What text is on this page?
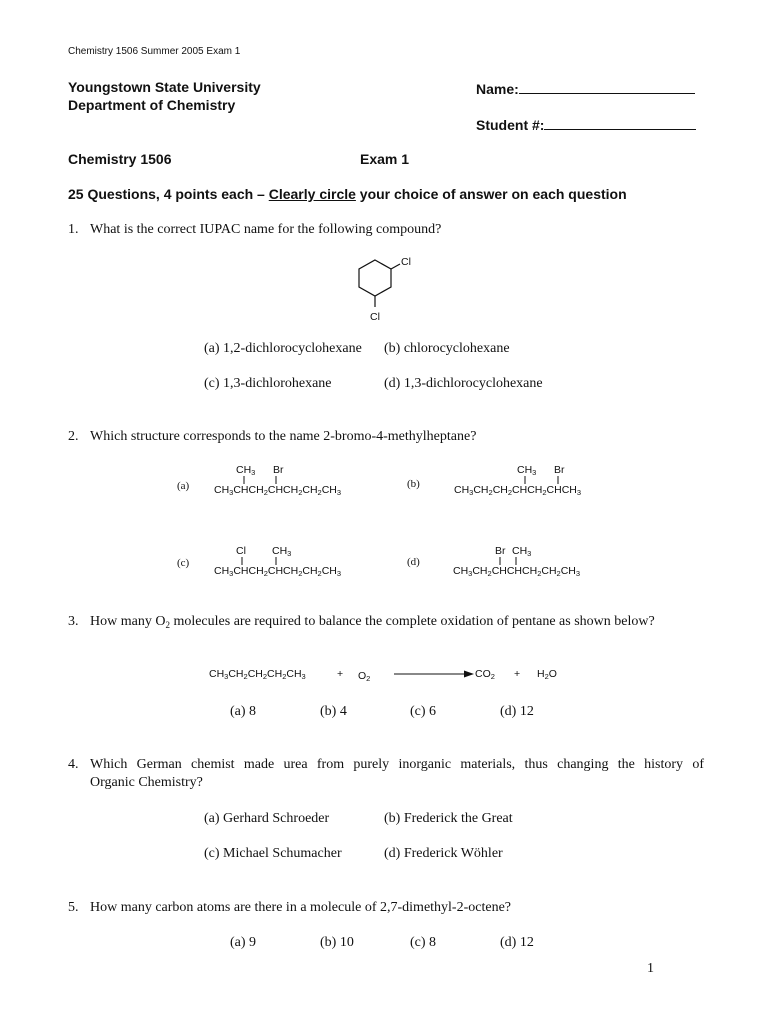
Chemistry 1506 Summer 2005 Exam 1
Youngstown State University
Department of Chemistry
Name:
Student #:
Chemistry 1506	Exam 1
25 Questions, 4 points each – Clearly circle your choice of answer on each question
1. What is the correct IUPAC name for the following compound?
Cl
Cl
(a) 1,2-dichlorocyclohexane (b) chlorocyclohexane
(c) 1,3-dichlorohexane	(d) 1,3-dichlorocyclohexane
2. Which structure corresponds to the name 2-bromo-4-methylheptane?
(a)
$CH_3$ Br
$CH_3CHCH_2CHCH_2CH_2CH_3$
(b)
$CH_3$ Br
$CH_3CH_2CH_2CHCH_2CHCH_3$
(c)
Cl $CH_3$
$CH_3CHCH_2CHCH_2CH_2CH_3$
(d)
Br $CH_3$
$CH_3CH_2CHCHCH_2CH_2CH_3$
3. How many $O_2$ molecules are required to balance the complete oxidation of pentane as shown below?
$CH_3CH_2CH_2CH_2CH_3$	+ $O_2$	$CO_2 + H_2O$
(a) 8	(b) 4	(c) 6	(d) 12
4. Which German chemist made urea from purely inorganic materials, thus changing the history of
Organic Chemistry?
(a) Gerhard Schroeder	(b) Frederick the Great
(c) Michael Schumacher	(d) Frederick Wöhler
5. How many carbon atoms are there in a molecule of 2,7-dimethyl-2-octene?
(a) 9	(b) 10	(c) 8	(d) 12
1
